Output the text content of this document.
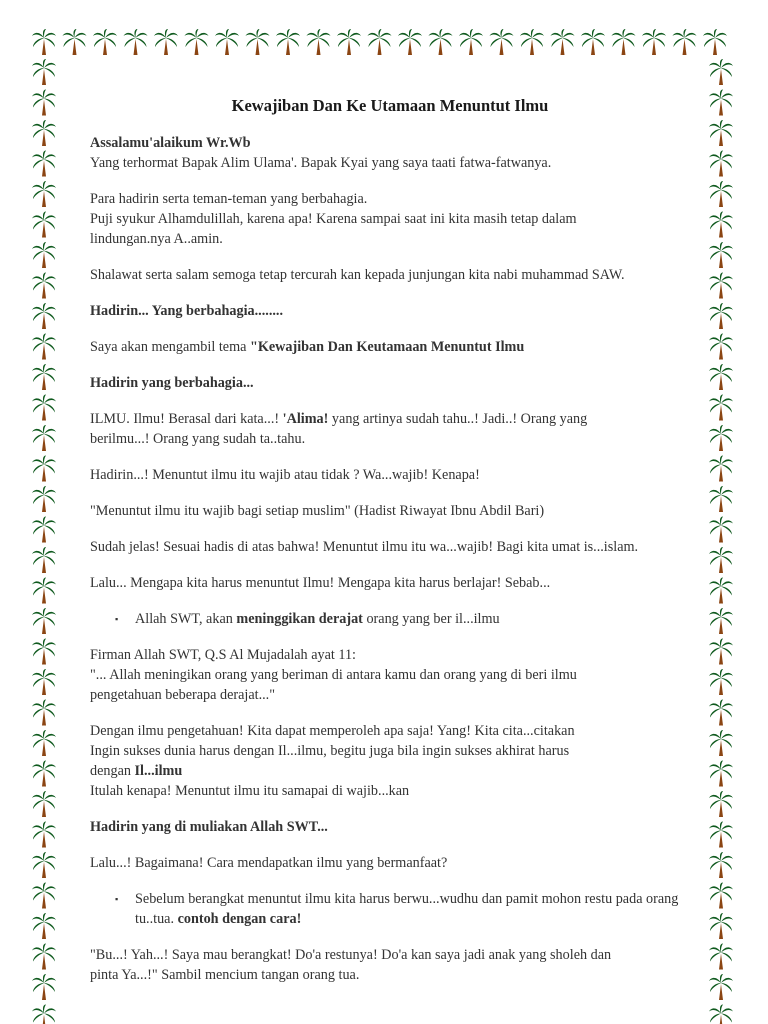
Kewajiban Dan Ke Utamaan Menuntut Ilmu
Assalamu'alaikum Wr.Wb
Yang terhormat Bapak Alim Ulama'. Bapak Kyai yang saya taati fatwa-fatwanya.
Para hadirin serta teman-teman yang berbahagia.
Puji syukur Alhamdulillah, karena apa! Karena sampai saat ini kita masih tetap dalam
lindungan.nya A..amin.
Shalawat serta salam semoga tetap tercurah kan kepada junjungan kita nabi muhammad SAW.
Hadirin... Yang berbahagia........
Saya akan mengambil tema "Kewajiban Dan Keutamaan Menuntut Ilmu
Hadirin yang berbahagia...
ILMU. Ilmu! Berasal dari kata...! 'Alima! yang artinya sudah tahu..! Jadi..! Orang yang
berilmu...! Orang yang sudah ta..tahu.
Hadirin...! Menuntut ilmu itu wajib atau tidak ? Wa...wajib! Kenapa!
"Menuntut ilmu itu wajib bagi setiap muslim" (Hadist Riwayat Ibnu Abdil Bari)
Sudah jelas! Sesuai hadis di atas bahwa! Menuntut ilmu itu wa...wajib! Bagi kita umat is...islam.
Lalu... Mengapa kita harus menuntut Ilmu! Mengapa kita harus berlajar! Sebab...
▪ Allah SWT, akan meninggikan derajat orang yang ber il...ilmu
Firman Allah SWT, Q.S Al Mujadalah ayat 11:
"... Allah meningikan orang yang beriman di antara kamu dan orang yang di beri ilmu
pengetahuan beberapa derajat..."
Dengan ilmu pengetahuan! Kita dapat memperoleh apa saja! Yang! Kita cita...citakan
Ingin sukses dunia harus dengan Il...ilmu, begitu juga bila ingin sukses akhirat harus
dengan Il...ilmu
Itulah kenapa! Menuntut ilmu itu samapai di wajib...kan
Hadirin yang di muliakan Allah SWT...
Lalu...! Bagaimana! Cara mendapatkan ilmu yang bermanfaat?
▪ Sebelum berangkat menuntut ilmu kita harus berwu...wudhu dan pamit mohon restu pada orang tu..tua. contoh dengan cara!
"Bu...! Yah...! Saya mau berangkat! Do'a restunya! Do'a kan saya jadi anak yang sholeh dan
pinta Ya...!" Sambil mencium tangan orang tua.
